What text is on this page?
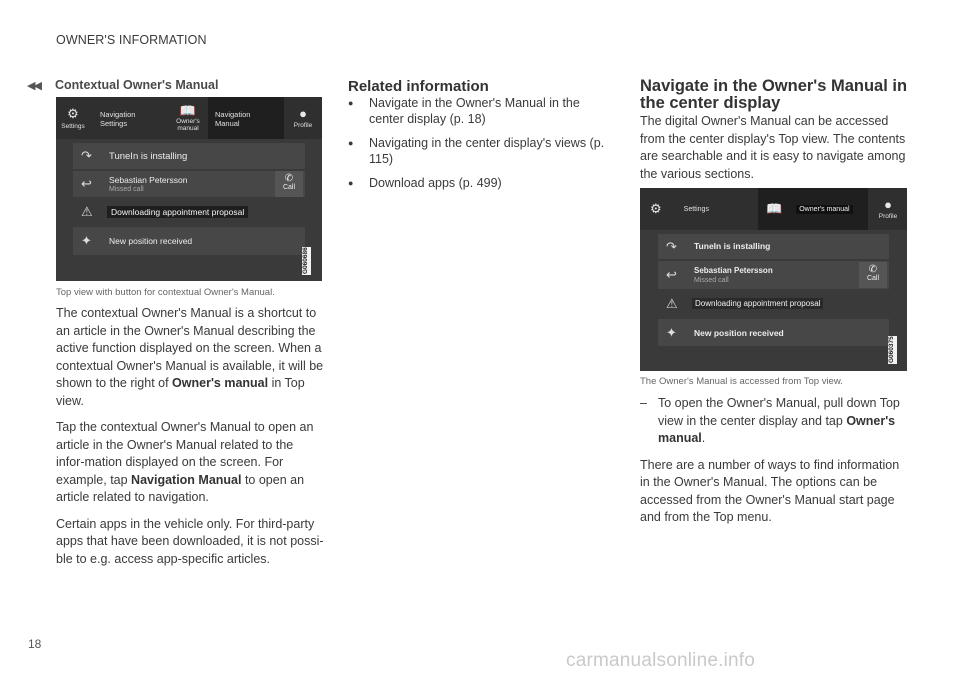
OWNER'S INFORMATION
◀◀
18
carmanualsonline.info
Contextual Owner's Manual
⚙
Settings
Navigation
Settings
📖
Owner's
manual
Navigation
Manual
●
Profile
↷ TuneIn is installing
↩ Sebastian Petersson
Missed call
✆
Call
⚠	Downloading appointment proposal
✦ New position received
G060686
Top view with button for contextual Owner's Manual.

The contextual Owner's Manual is a shortcut to an article in the Owner's Manual describing the active function displayed on the screen. When a contextual Owner's Manual is available, it will be shown to the right of Owner's manual in Top view.

Tap the contextual Owner's Manual to open an article in the Owner's Manual related to the infor-mation displayed on the screen. For example, tap Navigation Manual to open an article related to navigation.

Certain apps in the vehicle only. For third-party apps that have been downloaded, it is not possi-ble to e.g. access app-specific articles.

Related information
● Navigate in the Owner's Manual in the center display (p. 18)
● Navigating in the center display's views (p. 115)
● Download apps (p. 499)
Navigate in the Owner's Manual in
the center display
The digital Owner's Manual can be accessed from the center display's Top view. The contents are searchable and it is easy to navigate among the various sections.
⚙	Settings	📖	Owner's manual	●
Profile
↷ TuneIn is installing
↩ Sebastian Petersson
Missed call
✆
Call
⚠	Downloading appointment proposal
✦ New position received
G060375
The Owner's Manual is accessed from Top view.

– To open the Owner's Manual, pull down Top view in the center display and tap Owner's manual.

There are a number of ways to find information in the Owner's Manual. The options can be accessed from the Owner's Manual start page and from the Top menu.
